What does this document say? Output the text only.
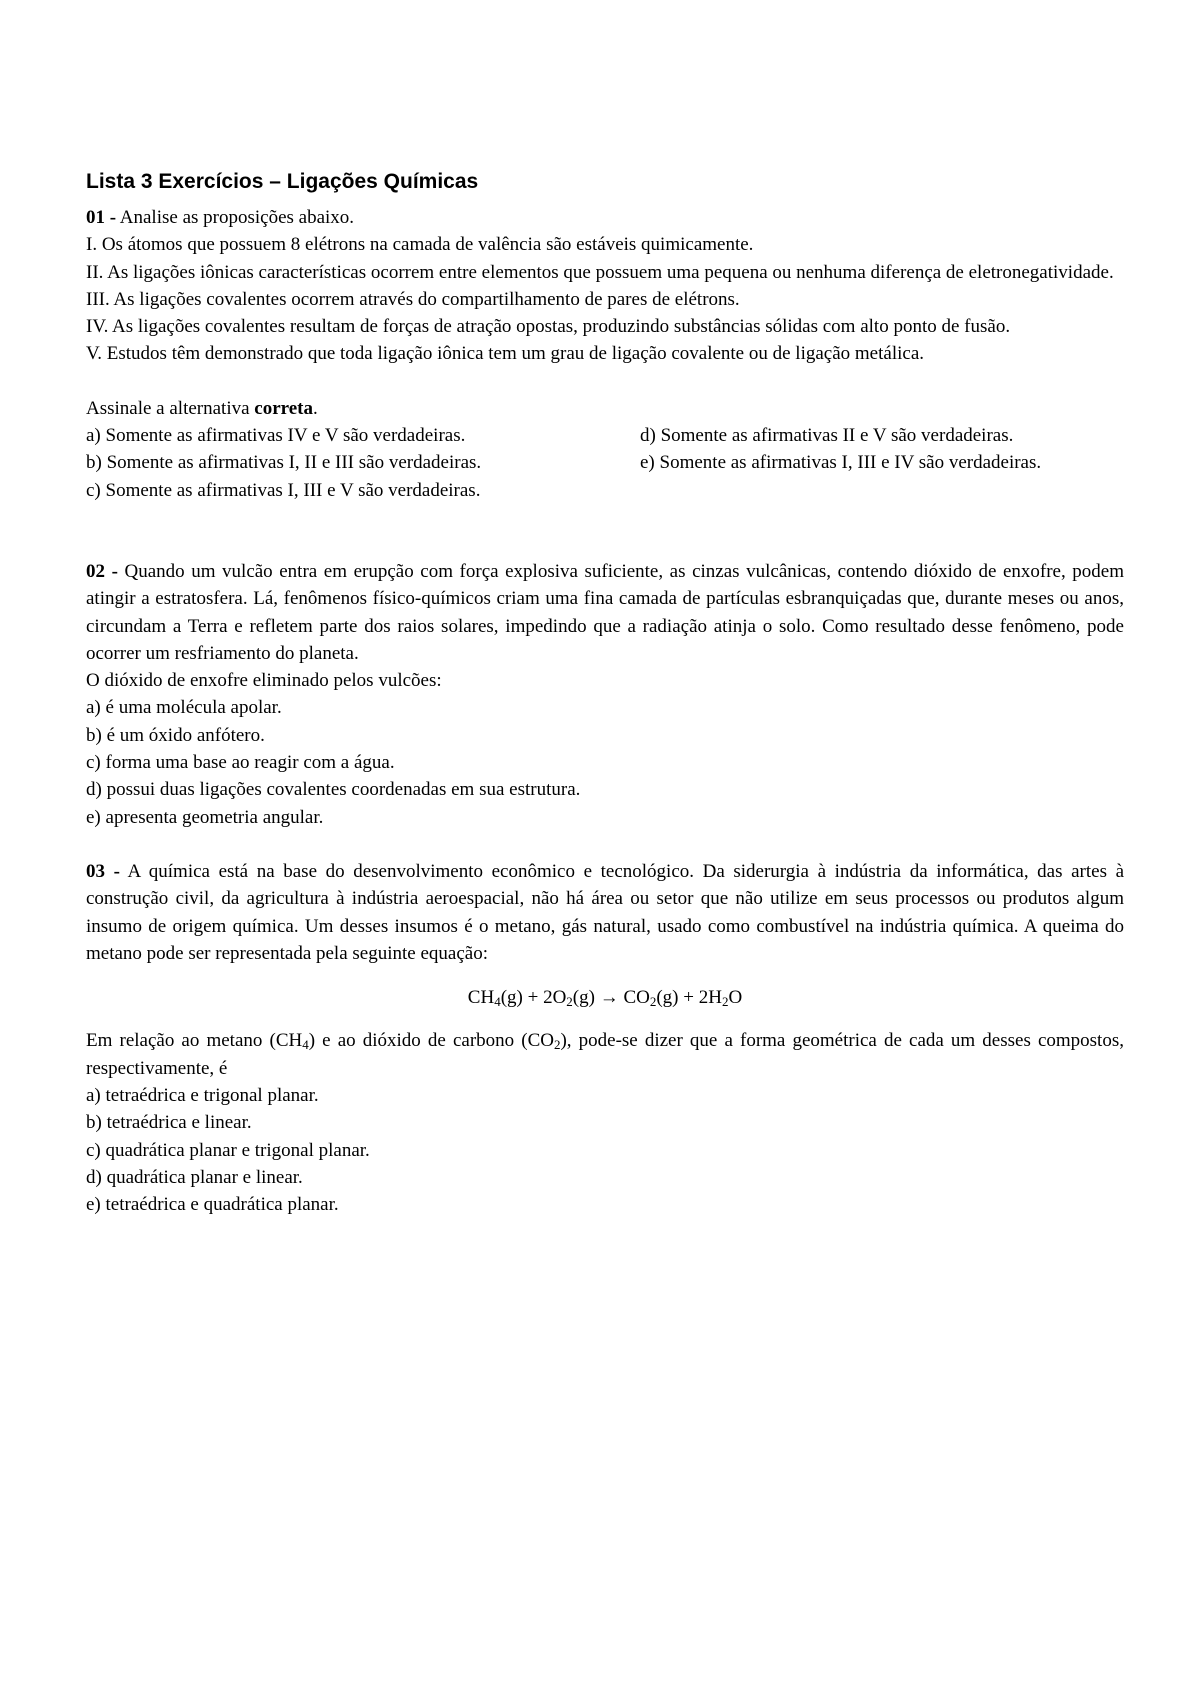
Lista 3 Exercícios – Ligações Químicas

01 - Analise as proposições abaixo.

I. Os átomos que possuem 8 elétrons na camada de valência são estáveis quimicamente.

II. As ligações iônicas características ocorrem entre elementos que possuem uma pequena ou nenhuma diferença de eletronegatividade.

III. As ligações covalentes ocorrem através do compartilhamento de pares de elétrons.

IV. As ligações covalentes resultam de forças de atração opostas, produzindo substâncias sólidas com alto ponto de fusão.

V. Estudos têm demonstrado que toda ligação iônica tem um grau de ligação covalente ou de ligação metálica.

Assinale a alternativa correta.

a) Somente as afirmativas IV e V são verdadeiras.

b) Somente as afirmativas I, II e III são verdadeiras.

c) Somente as afirmativas I, III e V são verdadeiras.

d) Somente as afirmativas II e V são verdadeiras.

e) Somente as afirmativas I, III e IV são verdadeiras.

02 - Quando um vulcão entra em erupção com força explosiva suficiente, as cinzas vulcânicas, contendo dióxido de enxofre, podem atingir a estratosfera. Lá, fenômenos físico-químicos criam uma fina camada de partículas esbranquiçadas que, durante meses ou anos, circundam a Terra e refletem parte dos raios solares, impedindo que a radiação atinja o solo. Como resultado desse fenômeno, pode ocorrer um resfriamento do planeta.

O dióxido de enxofre eliminado pelos vulcões:

a) é uma molécula apolar.

b) é um óxido anfótero.

c) forma uma base ao reagir com a água.

d) possui duas ligações covalentes coordenadas em sua estrutura.

e) apresenta geometria angular.

03 - A química está na base do desenvolvimento econômico e tecnológico. Da siderurgia à indústria da informática, das artes à construção civil, da agricultura à indústria aeroespacial, não há área ou setor que não utilize em seus processos ou produtos algum insumo de origem química. Um desses insumos é o metano, gás natural, usado como combustível na indústria química. A queima do metano pode ser representada pela seguinte equação:

$CH_4(g) + 2O_2(g) \to CO_2(g) + 2H_2O$

Em relação ao metano $(CH_4)$ e ao dióxido de carbono $(CO_2)$, pode-se dizer que a forma geométrica de cada um desses compostos, respectivamente, é

a) tetraédrica e trigonal planar.

b) tetraédrica e linear.

c) quadrática planar e trigonal planar.

d) quadrática planar e linear.

e) tetraédrica e quadrática planar.
